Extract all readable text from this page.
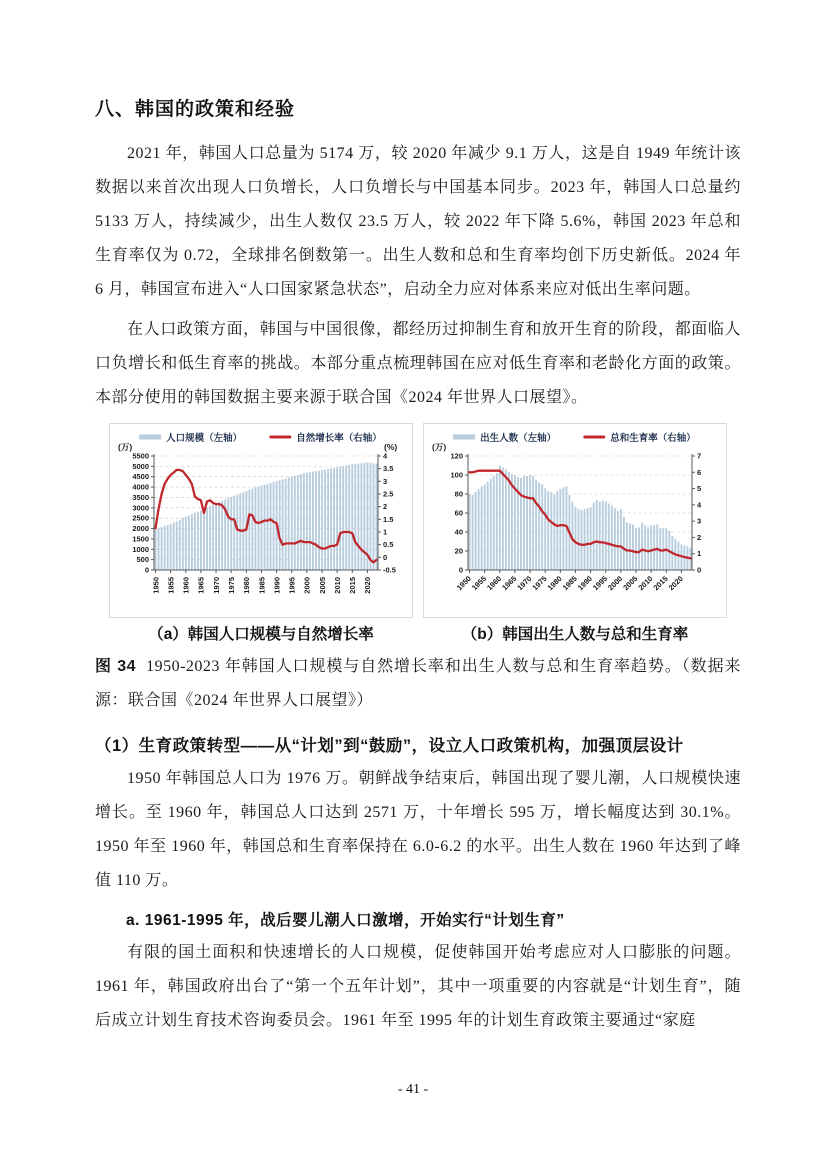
八、韩国的政策和经验

2021 年，韩国人口总量为 5174 万，较 2020 年减少 9.1 万人，这是自 1949 年统计该数据以来首次出现人口负增长，人口负增长与中国基本同步。2023 年，韩国人口总量约 5133 万人，持续减少，出生人数仅 23.5 万人，较 2022 年下降 5.6%，韩国 2023 年总和生育率仅为 0.72，全球排名倒数第一。出生人数和总和生育率均创下历史新低。2024 年 6 月，韩国宣布进入“人口国家紧急状态”，启动全力应对体系来应对低出生率问题。

在人口政策方面，韩国与中国很像，都经历过抑制生育和放开生育的阶段，都面临人口负增长和低生育率的挑战。本部分重点梳理韩国在应对低生育率和老龄化方面的政策。本部分使用的韩国数据主要来源于联合国《2024 年世界人口展望》。

人口规模（左轴）	自然增长率（右轴）
(万)	(%)
0
500
1000
1500
2000
2500
3000
3500
4000
4500
5000
5500
-0.5
0
0.5
1
1.5
2
2.5
3
3.5
4
1950 1955 1960 1965 1970 1975 1980 1985 1990 1995 2000 2005 2010 2015 2020
出生人数（左轴）	总和生育率（右轴）
(万)
0
20
40
60
80
100
120
0
1
2
3
4
5
6
7
1950
1955
1960
1965
1970
1975
1980
1985
1990
1995
2000
2005
2010
2015
2020
（a）韩国人口规模与自然增长率	（b）韩国出生人数与总和生育率

图 34 1950-2023 年韩国人口规模与自然增长率和出生人数与总和生育率趋势。（数据来源：联合国《2024 年世界人口展望》）

（1）生育政策转型——从“计划”到“鼓励”，设立人口政策机构，加强顶层设计

1950 年韩国总人口为 1976 万。朝鲜战争结束后，韩国出现了婴儿潮，人口规模快速增长。至 1960 年，韩国总人口达到 2571 万，十年增长 595 万，增长幅度达到 30.1%。1950 年至 1960 年，韩国总和生育率保持在 6.0-6.2 的水平。出生人数在 1960 年达到了峰值 110 万。

a. 1961-1995 年，战后婴儿潮人口激增，开始实行“计划生育”

有限的国土面积和快速增长的人口规模，促使韩国开始考虑应对人口膨胀的问题。1961 年，韩国政府出台了“第一个五年计划”，其中一项重要的内容就是“计划生育”，随后成立计划生育技术咨询委员会。1961 年至 1995 年的计划生育政策主要通过“家庭

- 41 -
